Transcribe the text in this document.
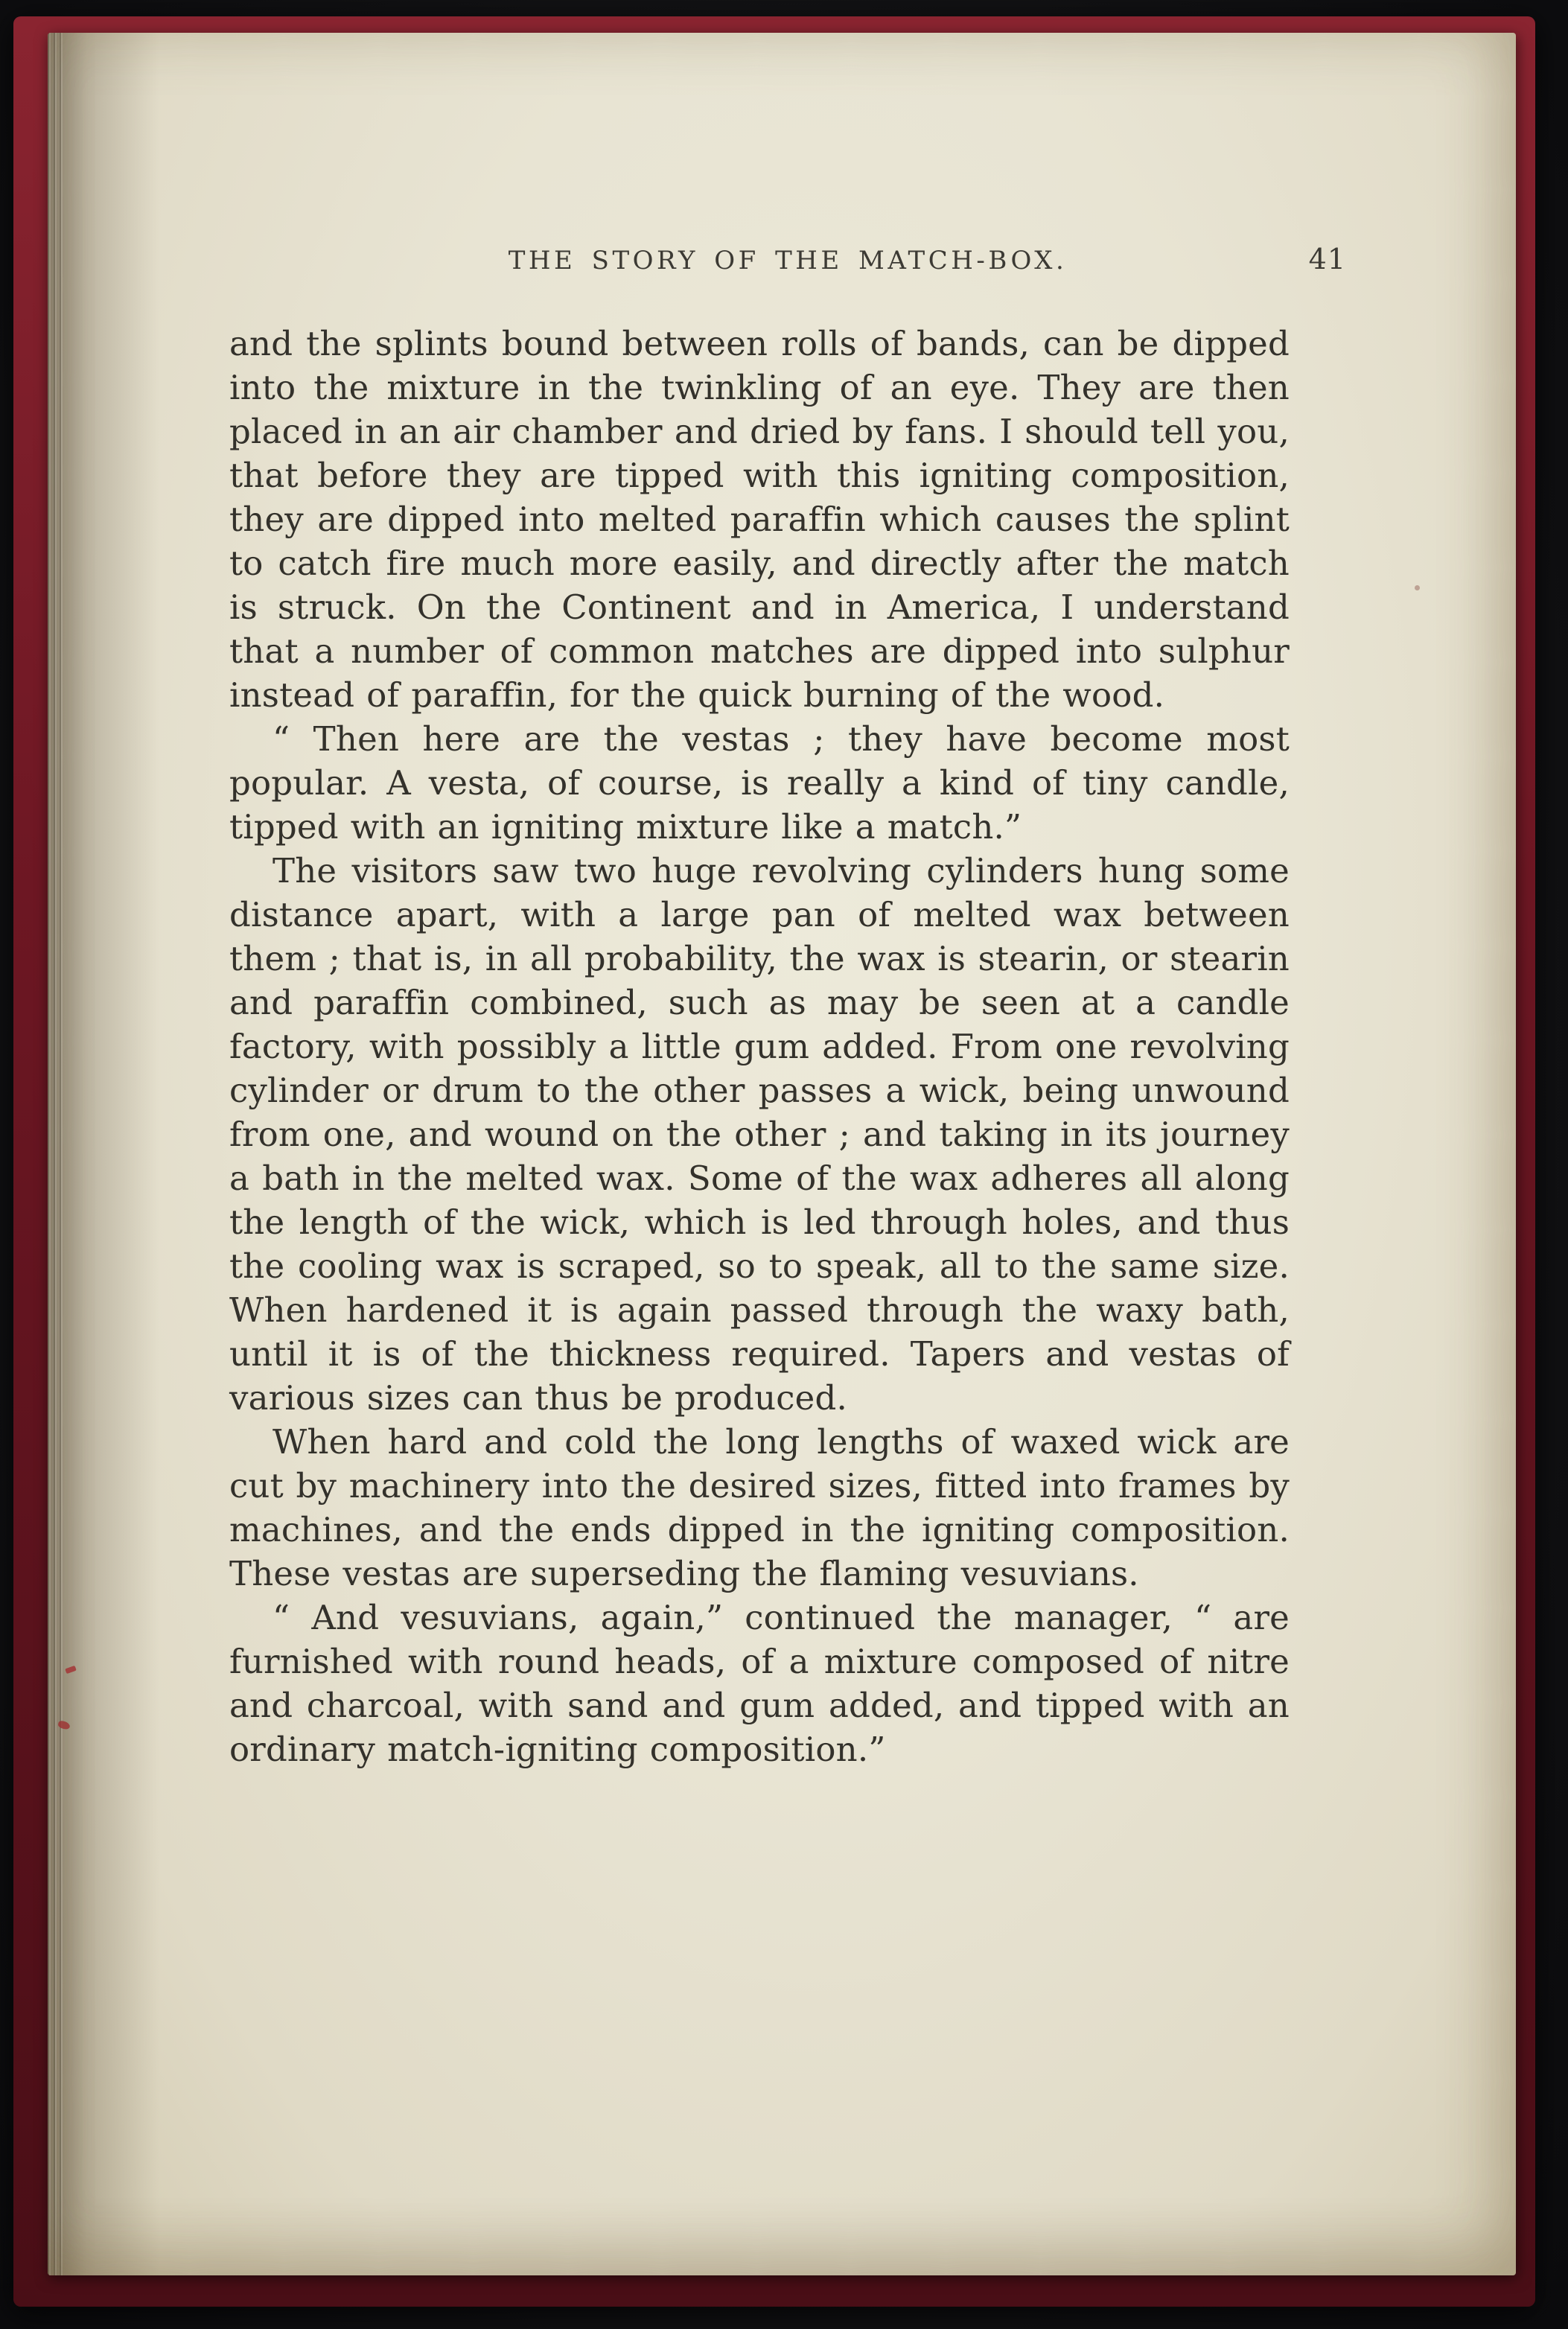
THE STORY OF THE MATCH-BOX.	41

and the splints bound between rolls of bands, can be dipped into the mixture in the twinkling of an eye. They are then placed in an air chamber and dried by fans. I should tell you, that before they are tipped with this igniting composition, they are dipped into melted paraffin which causes the splint to catch fire much more easily, and directly after the match is struck. On the Continent and in America, I understand that a number of common matches are dipped into sulphur instead of paraffin, for the quick burning of the wood.

“ Then here are the vestas ; they have become most popular. A vesta, of course, is really a kind of tiny candle, tipped with an igniting mixture like a match.”

The visitors saw two huge revolving cylinders hung some distance apart, with a large pan of melted wax between them ; that is, in all probability, the wax is stearin, or stearin and paraffin combined, such as may be seen at a candle factory, with possibly a little gum added. From one revolving cylinder or drum to the other passes a wick, being unwound from one, and wound on the other ; and taking in its journey a bath in the melted wax. Some of the wax adheres all along the length of the wick, which is led through holes, and thus the cooling wax is scraped, so to speak, all to the same size. When hardened it is again passed through the waxy bath, until it is of the thickness required. Tapers and vestas of various sizes can thus be produced.

When hard and cold the long lengths of waxed wick are cut by machinery into the desired sizes, fitted into frames by machines, and the ends dipped in the igniting composition. These vestas are superseding the flaming vesuvians.

“ And vesuvians, again,” continued the manager, “ are furnished with round heads, of a mixture composed of nitre and charcoal, with sand and gum added, and tipped with an ordinary match-igniting composition.”
